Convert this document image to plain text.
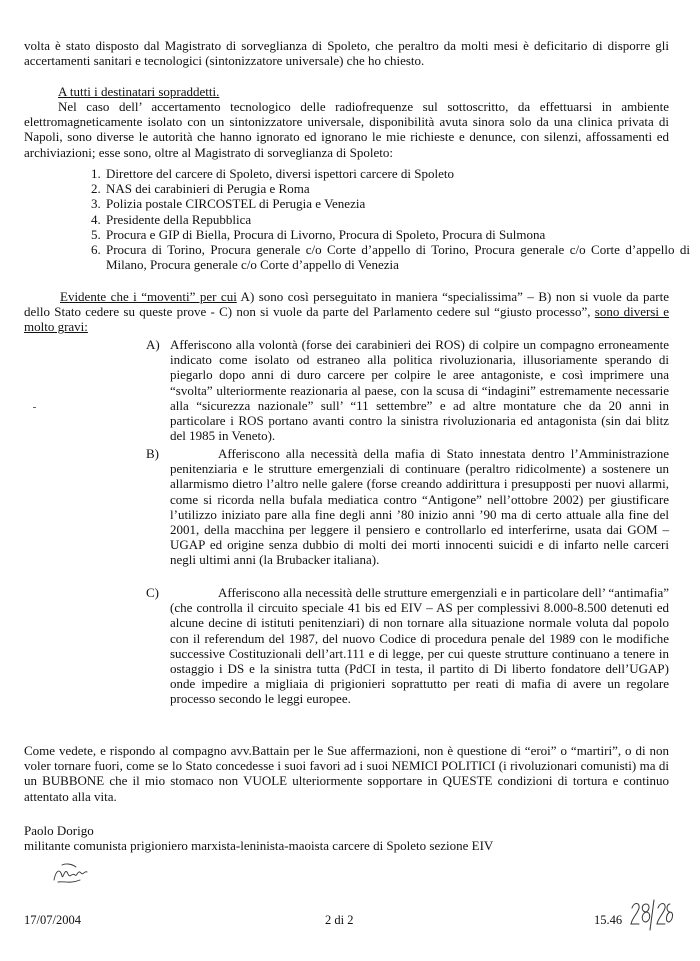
volta è stato disposto dal Magistrato di sorveglianza di Spoleto, che peraltro da molti mesi è deficitario di disporre gli accertamenti sanitari e tecnologici (sintonizzatore universale) che ho chiesto.

A tutti i destinatari sopraddetti.

Nel caso dell’ accertamento tecnologico delle radiofrequenze sul sottoscritto, da effettuarsi in ambiente elettromagneticamente isolato con un sintonizzatore universale, disponibilità avuta sinora solo da una clinica privata di Napoli, sono diverse le autorità che hanno ignorato ed ignorano le mie richieste e denunce, con silenzi, affossamenti ed archiviazioni; esse sono, oltre al Magistrato di sorveglianza di Spoleto:

1. Direttore del carcere di Spoleto, diversi ispettori carcere di Spoleto
2. NAS dei carabinieri di Perugia e Roma
3. Polizia postale CIRCOSTEL di Perugia e Venezia
4. Presidente della Repubblica
5. Procura e GIP di Biella, Procura di Livorno, Procura di Spoleto, Procura di Sulmona
6. Procura di Torino, Procura generale c/o Corte d’appello di Torino, Procura generale c/o Corte d’appello di Milano, Procura generale c/o Corte d’appello di Venezia

Evidente che i “moventi” per cui A) sono così perseguitato in maniera “specialissima” – B) non si vuole da parte dello Stato cedere su queste prove - C) non si vuole da parte del Parlamento cedere sul “giusto processo”, sono diversi e molto gravi:

A) Afferiscono alla volontà (forse dei carabinieri dei ROS) di colpire un compagno erroneamente indicato come isolato od estraneo alla politica rivoluzionaria, illusoriamente sperando di piegarlo dopo anni di duro carcere per colpire le aree antagoniste, e così imprimere una “svolta” ulteriormente reazionaria al paese, con la scusa di “indagini” estremamente necessarie alla “sicurezza nazionale” sull’ “11 settembre” e ad altre montature che da 20 anni in particolare i ROS portano avanti contro la sinistra rivoluzionaria ed antagonista (sin dai blitz del 1985 in Veneto).
B)	Afferiscono alla necessità della mafia di Stato innestata dentro l’Amministrazione penitenziaria e le strutture emergenziali di continuare (peraltro ridicolmente) a sostenere un allarmismo dietro l’altro nelle galere (forse creando addirittura i presupposti per nuovi allarmi, come si ricorda nella bufala mediatica contro “Antigone” nell’ottobre 2002) per giustificare l’utilizzo iniziato pare alla fine degli anni ’80 inizio anni ’90 ma di certo attuale alla fine del 2001, della macchina per leggere il pensiero e controllarlo ed interferirne, usata dai GOM – UGAP ed origine senza dubbio di molti dei morti innocenti suicidi e di infarto nelle carceri negli ultimi anni (la Brubacker italiana).
C)	Afferiscono alla necessità delle strutture emergenziali e in particolare dell’ “antimafia” (che controlla il circuito speciale 41 bis ed EIV – AS per complessivi 8.000-8.500 detenuti ed alcune decine di istituti penitenziari) di non tornare alla situazione normale voluta dal popolo con il referendum del 1987, del nuovo Codice di procedura penale del 1989 con le modifiche successive Costituzionali dell’art.111 e di legge, per cui queste strutture continuano a tenere in ostaggio i DS e la sinistra tutta (PdCI in testa, il partito di Di liberto fondatore dell’UGAP) onde impedire a migliaia di prigionieri soprattutto per reati di mafia di avere un regolare processo secondo le leggi europee.

Come vedete, e rispondo al compagno avv.Battain per le Sue affermazioni, non è questione di “eroi” o “martiri”, o di non voler tornare fuori, come se lo Stato concedesse i suoi favori ad i suoi NEMICI POLITICI (i rivoluzionari comunisti) ma di un BUBBONE che il mio stomaco non VUOLE ulteriormente sopportare in QUESTE condizioni di tortura e continuo attentato alla vita.

Paolo Dorigo
militante comunista prigioniero marxista-leninista-maoista carcere di Spoleto sezione EIV
17/07/2004	2 di 2	15.46
